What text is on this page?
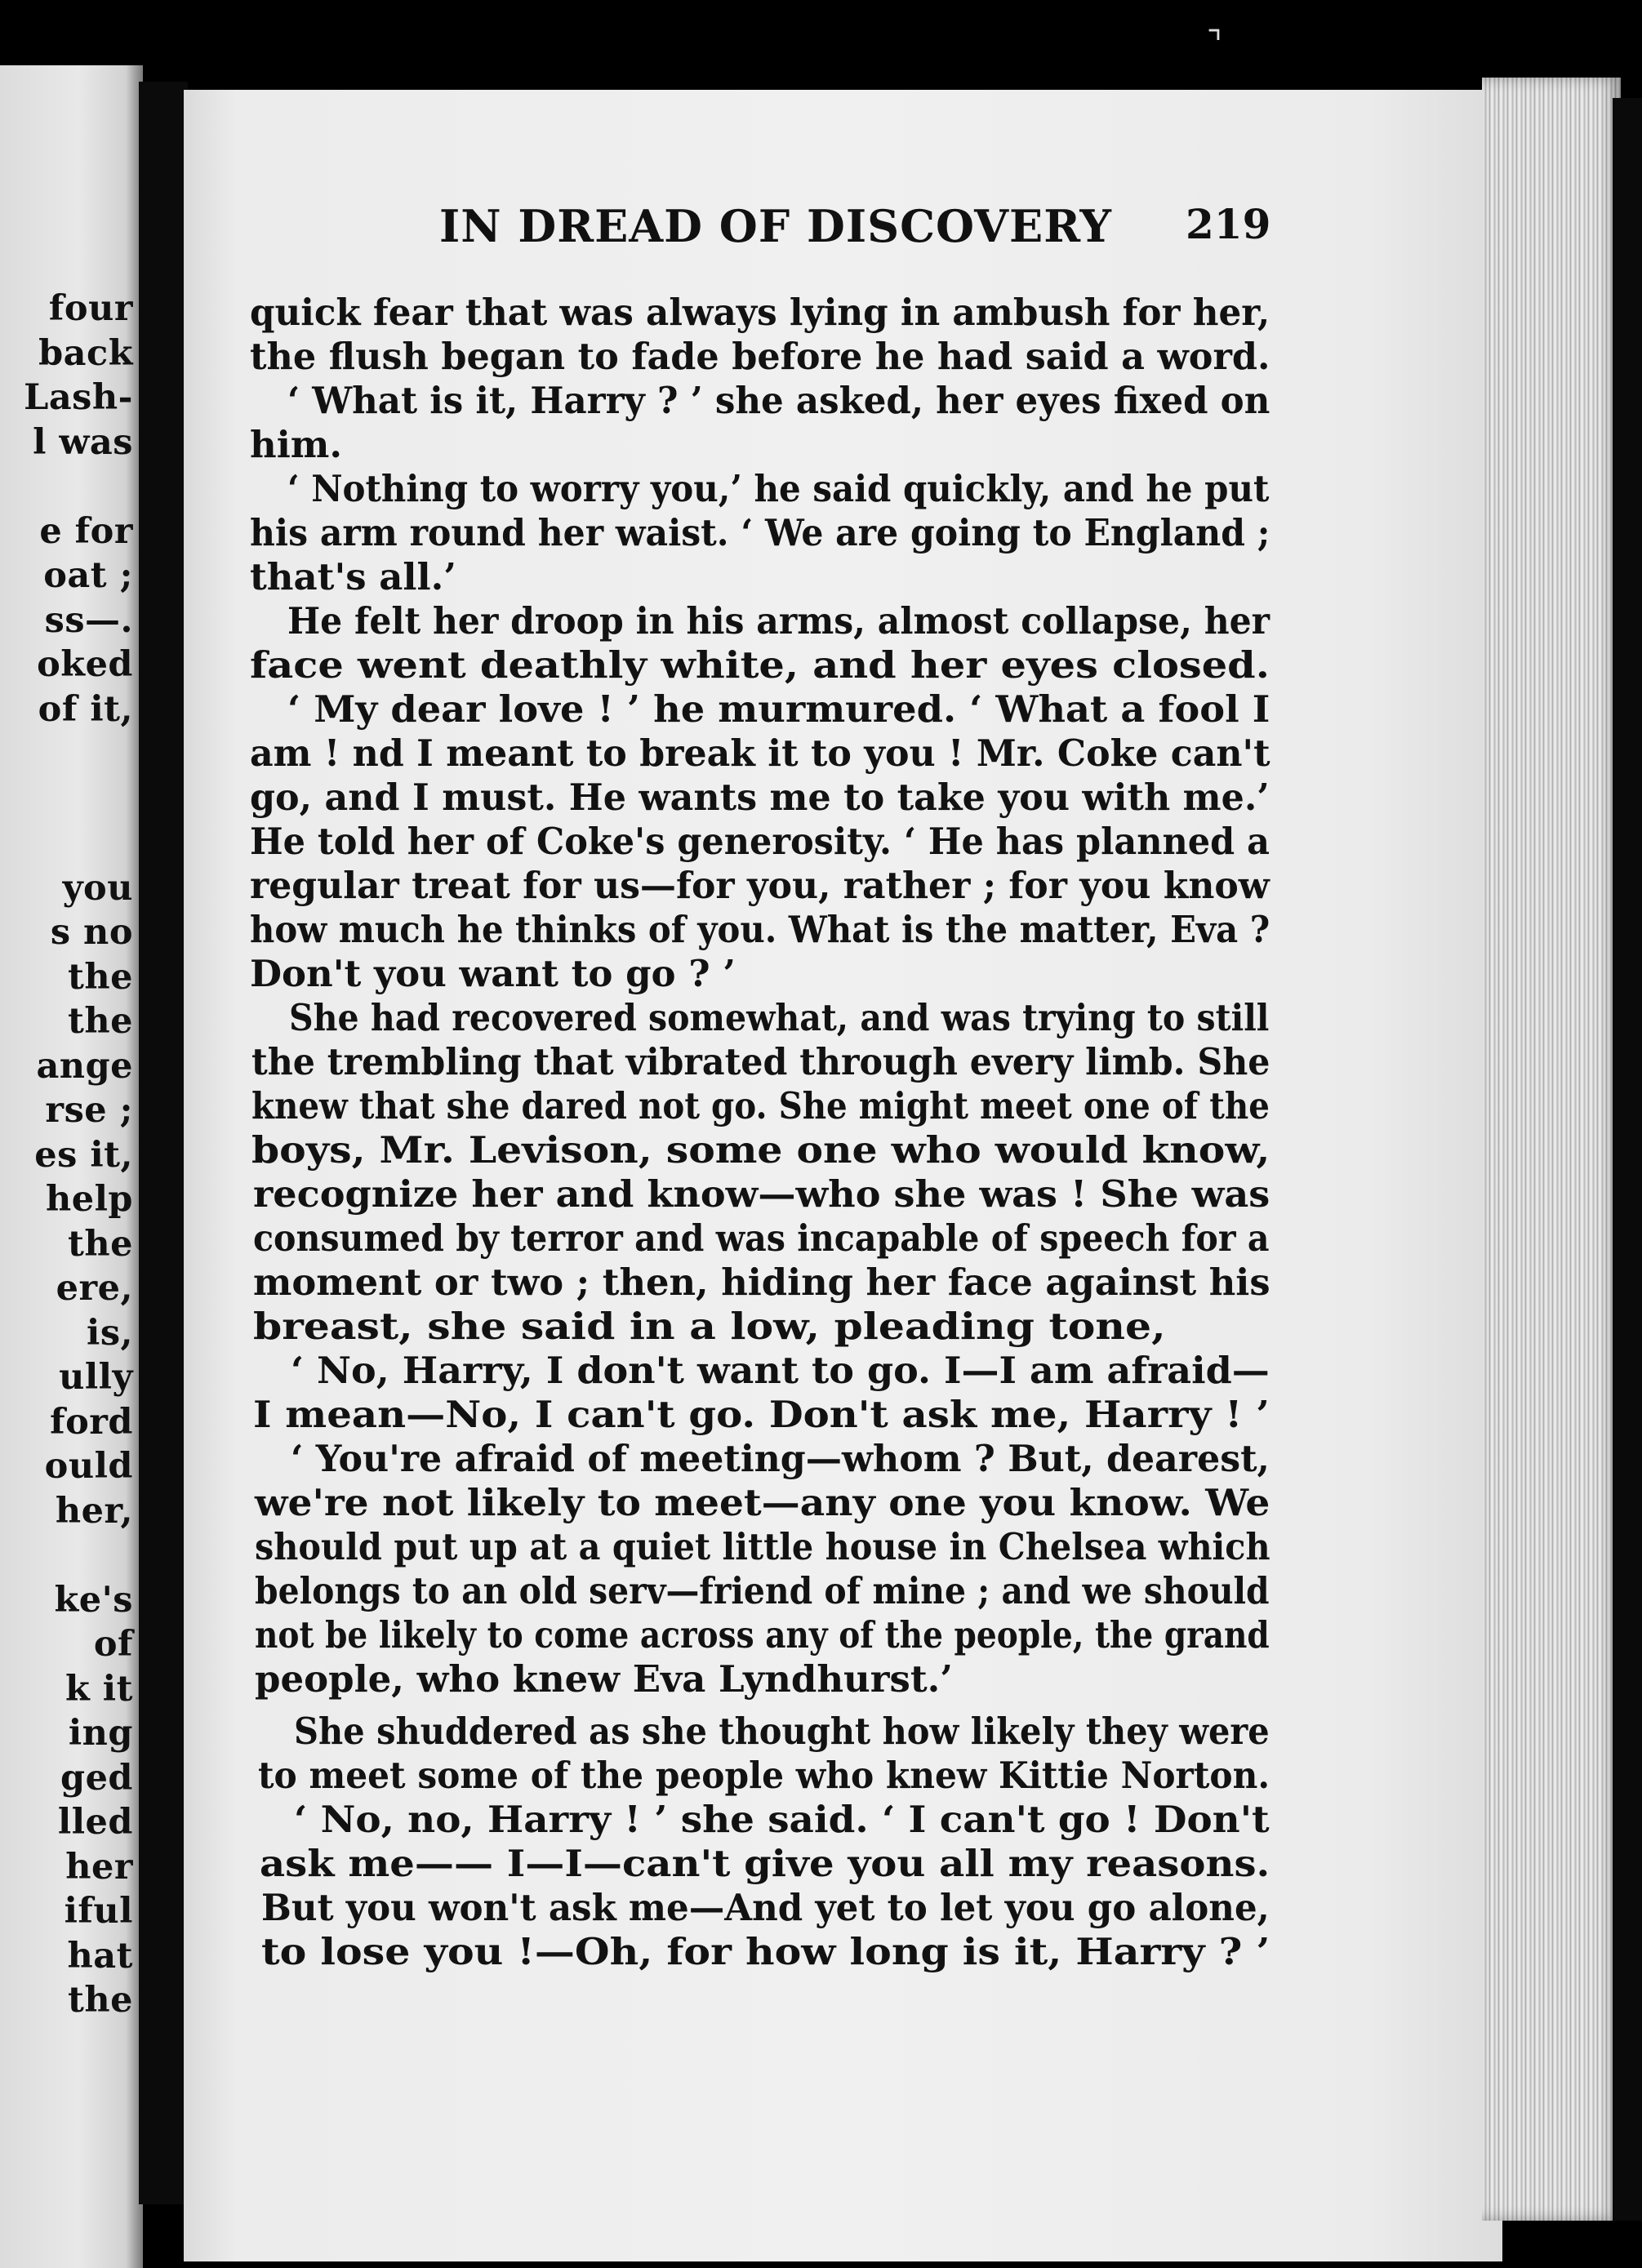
four
back
Lash-
l was
e for
oat ;
ss—.
oked
of it,
you
s no
the
the
ange
rse ;
es it,
help
the
ere,
is,
ully
ford
ould
her,
ke's
of
k it
ing
ged
lled
her
iful
hat
the
⌝
IN DREAD OF DISCOVERY 219
quick fear that was always lying in ambush for her,
the flush began to fade before he had said a word.
‘ What is it, Harry ? ’ she asked, her eyes fixed on
him.
‘ Nothing to worry you,’ he said quickly, and he put
his arm round her waist. ‘ We are going to England ;
that's all.’
He felt her droop in his arms, almost collapse, her
face went deathly white, and her eyes closed.
‘ My dear love ! ’ he murmured. ‘ What a fool I
am ! nd I meant to break it to you ! Mr. Coke can't
go, and I must. He wants me to take you with me.’
He told her of Coke's generosity. ‘ He has planned a
regular treat for us—for you, rather ; for you know
how much he thinks of you. What is the matter, Eva ?
Don't you want to go ? ’
She had recovered somewhat, and was trying to still
the trembling that vibrated through every limb. She
knew that she dared not go. She might meet one of the
boys, Mr. Levison, some one who would know,
recognize her and know—who she was ! She was
consumed by terror and was incapable of speech for a
moment or two ; then, hiding her face against his
breast, she said in a low, pleading tone,
‘ No, Harry, I don't want to go. I—I am afraid—
I mean—No, I can't go. Don't ask me, Harry ! ’
‘ You're afraid of meeting—whom ? But, dearest,
we're not likely to meet—any one you know. We
should put up at a quiet little house in Chelsea which
belongs to an old serv—friend of mine ; and we should
not be likely to come across any of the people, the grand
people, who knew Eva Lyndhurst.’
She shuddered as she thought how likely they were
to meet some of the people who knew Kittie Norton.
‘ No, no, Harry ! ’ she said. ‘ I can't go ! Don't
ask me—— I—I—can't give you all my reasons.
But you won't ask me—And yet to let you go alone,
to lose you !—Oh, for how long is it, Harry ? ’
